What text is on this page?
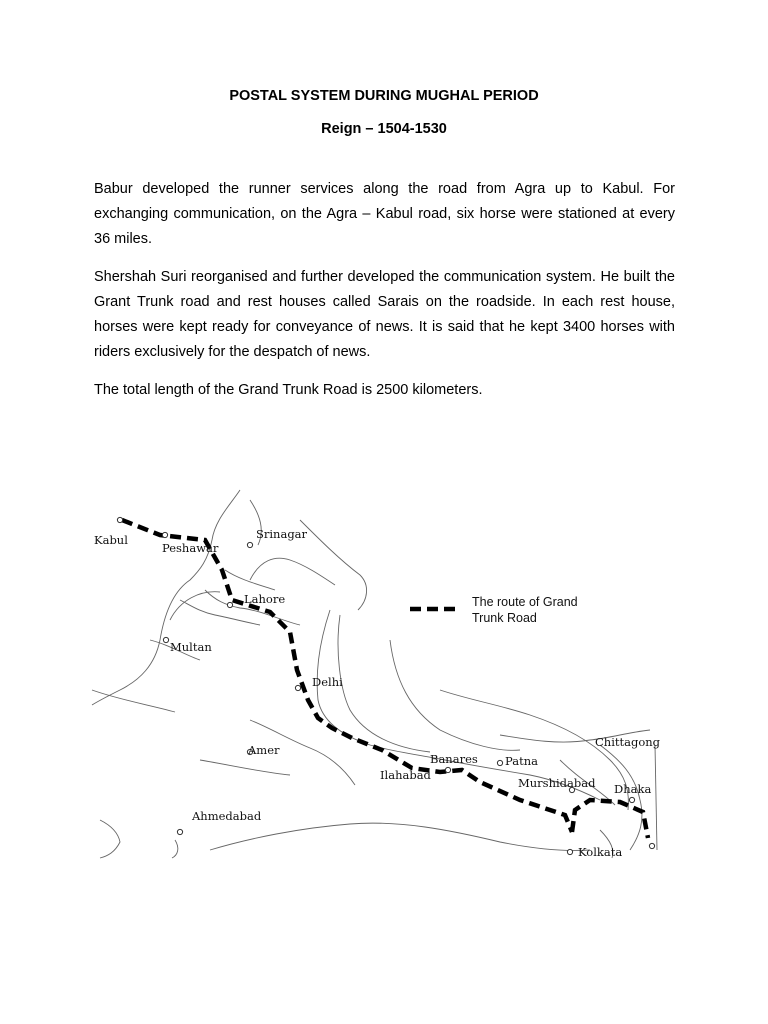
POSTAL SYSTEM DURING MUGHAL PERIOD
Reign – 1504-1530

Babur developed the runner services along the road from Agra up to Kabul. For exchanging communication, on the Agra – Kabul road, six horse were stationed at every 36 miles.

Shershah Suri reorganised and further developed the communication system. He built the Grant Trunk road and rest houses called Sarais on the roadside. In each rest house, horses were kept ready for conveyance of news. It is said that he kept 3400 horses with riders exclusively for the despatch of news.

The total length of the Grand Trunk Road is 2500 kilometers.

The route of Grand
Trunk Road
Kabul
Peshawar
Srinagar
Lahore
Multan
Delhi
Amer
Ahmedabad
Banares
Ilahabad
Patna
Murshidabad
Chittagong
Dhaka
Kolkata
